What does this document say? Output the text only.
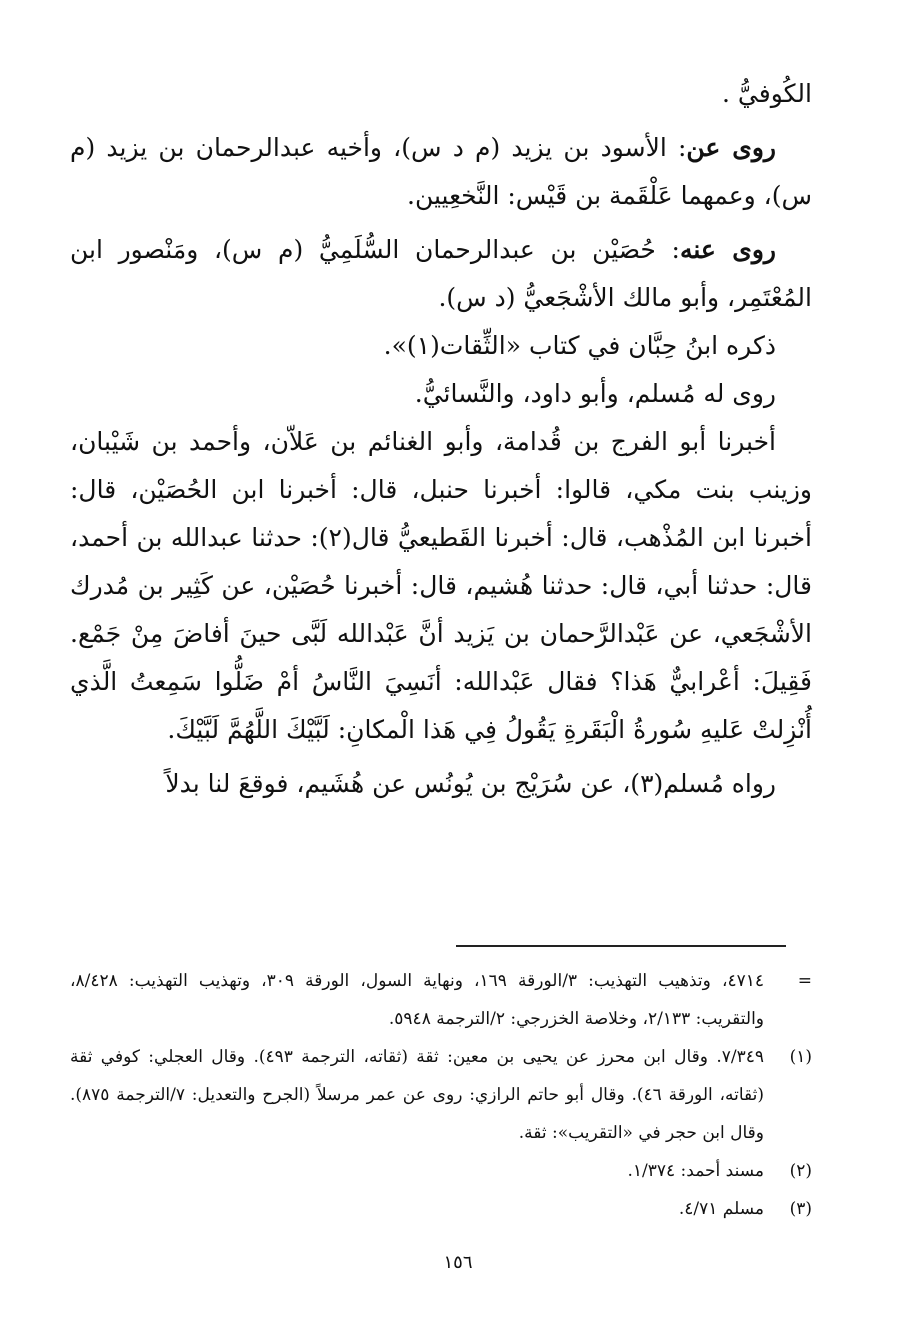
الكُوفيُّ .

روى عن: الأسود بن يزيد (م د س)، وأخيه عبدالرحمان بن يزيد (م س)، وعمهما عَلْقَمة بن قَيْس: النَّخعِيين.

روى عنه: حُصَيْن بن عبدالرحمان السُّلَمِيُّ (م س)، ومَنْصور ابن المُعْتَمِر، وأبو مالك الأشْجَعيُّ (د س).

ذكره ابنُ حِبَّان في كتاب «الثِّقات(١)».

روى له مُسلم، وأبو داود، والنَّسائيُّ.

أخبرنا أبو الفرج بن قُدامة، وأبو الغنائم بن عَلاّن، وأحمد بن شَيْبان، وزينب بنت مكي، قالوا: أخبرنا حنبل، قال: أخبرنا ابن الحُصَيْن، قال: أخبرنا ابن المُذْهب، قال: أخبرنا القَطيعيُّ قال(٢): حدثنا عبدالله بن أحمد، قال: حدثنا أبي، قال: حدثنا هُشيم، قال: أخبرنا حُصَيْن، عن كَثِير بن مُدرك الأشْجَعي، عن عَبْدالرَّحمان بن يَزيد أنَّ عَبْدالله لَبَّى حينَ أفاضَ مِنْ جَمْع. فَقِيلَ: أعْرابيٌّ هَذا؟ فقال عَبْدالله: أنَسِيَ النَّاسُ أمْ ضَلُّوا سَمِعتُ الَّذي أُنْزِلتْ عَليهِ سُورةُ الْبَقَرةِ يَقُولُ فِي هَذا الْمكانِ: لَبَّيْكَ اللَّهُمَّ لَبَّيْكَ.

رواه مُسلم(٣)، عن سُرَيْج بن يُونُس عن هُشَيم، فوقعَ لنا بدلاً

=
٤٧١٤، وتذهيب التهذيب: ٣/الورقة ١٦٩، ونهاية السول، الورقة ٣٠٩، وتهذيب التهذيب: ٨/٤٢٨، والتقريب: ٢/١٣٣، وخلاصة الخزرجي: ٢/الترجمة ٥٩٤٨.

(١)
٧/٣٤٩. وقال ابن محرز عن يحيى بن معين: ثقة (ثقاته، الترجمة ٤٩٣). وقال العجلي: كوفي ثقة (ثقاته، الورقة ٤٦). وقال أبو حاتم الرازي: روى عن عمر مرسلاً (الجرح والتعديل: ٧/الترجمة ٨٧٥). وقال ابن حجر في «التقريب»: ثقة.

(٢)
مسند أحمد: ١/٣٧٤.

(٣)
مسلم ٤/٧١.

١٥٦
